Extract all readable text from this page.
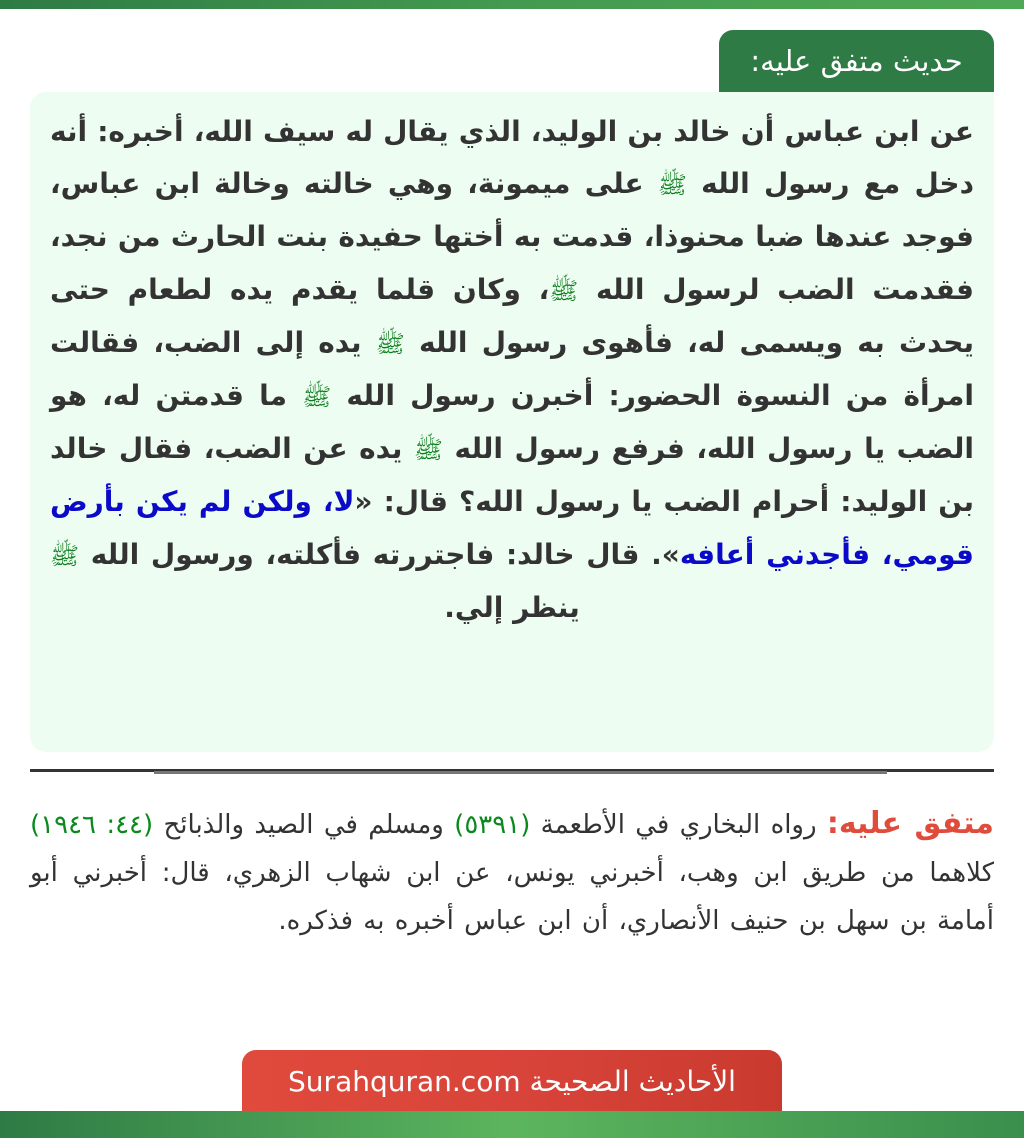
حديث متفق عليه:
عن ابن عباس أن خالد بن الوليد، الذي يقال له سيف الله، أخبره: أنه دخل مع رسول الله ﷺ على ميمونة، وهي خالته وخالة ابن عباس، فوجد عندها ضبا محنوذا، قدمت به أختها حفيدة بنت الحارث من نجد، فقدمت الضب لرسول الله ﷺ، وكان قلما يقدم يده لطعام حتى يحدث به ويسمى له، فأهوى رسول الله ﷺ يده إلى الضب، فقالت امرأة من النسوة الحضور: أخبرن رسول الله ﷺ ما قدمتن له، هو الضب يا رسول الله، فرفع رسول الله ﷺ يده عن الضب، فقال خالد بن الوليد: أحرام الضب يا رسول الله؟ قال: «لا، ولكن لم يكن بأرض قومي، فأجدني أعافه». قال خالد: فاجتررته فأكلته، ورسول الله ﷺ ينظر إلي.
متفق عليه: رواه البخاري في الأطعمة (٥٣٩١) ومسلم في الصيد والذبائح (٤٤: ١٩٤٦) كلاهما من طريق ابن وهب، أخبرني يونس، عن ابن شهاب الزهري، قال: أخبرني أبو أمامة بن سهل بن حنيف الأنصاري، أن ابن عباس أخبره به فذكره.
الأحاديث الصحيحة Surahquran.com
